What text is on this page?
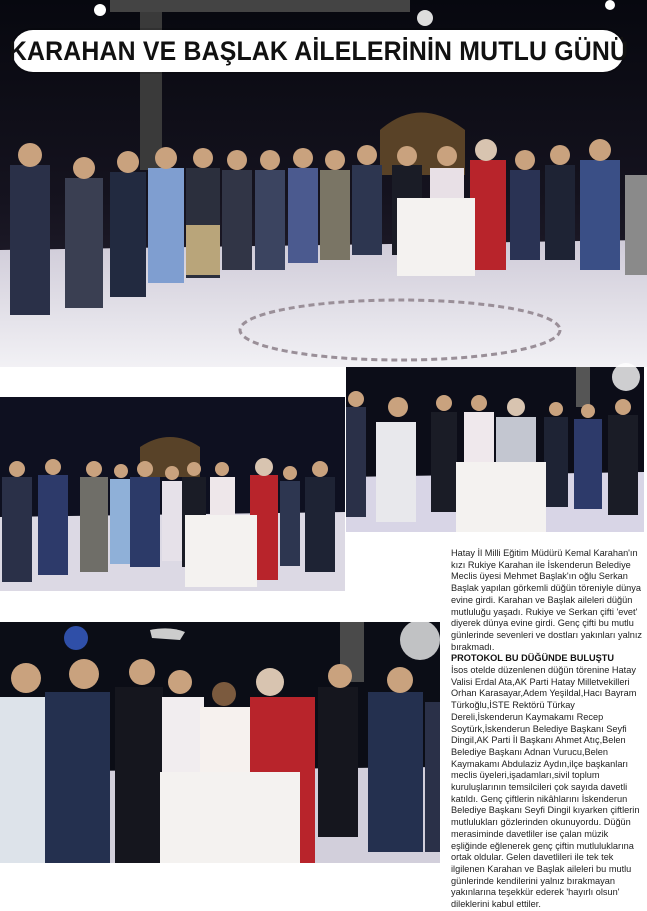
KARAHAN VE BAŞLAK AİLELERİNİN MUTLU GÜNÜ

Hatay İl Milli Eğitim Müdürü Kemal Karahan'ın kızı Rukiye Karahan ile İskenderun Belediye Meclis üyesi Mehmet Başlak'ın oğlu Serkan Başlak yapılan görkemli düğün töreniyle dünya evine girdi. Karahan ve Başlak aileleri düğün mutluluğu yaşadı. Rukiye ve Serkan çifti 'evet' diyerek dünya evine girdi. Genç çifti bu mutlu günlerinde sevenleri ve dostları yakınları yalnız bırakmadı.

PROTOKOL BU DÜĞÜNDE BULUŞTU

İsos otelde düzenlenen düğün törenine Hatay Valisi Erdal Ata,AK Parti Hatay Milletvekilleri Orhan Karasayar,Adem Yeşildal,Hacı Bayram Türkoğlu,İSTE Rektörü Türkay Dereli,İskenderun Kaymakamı Recep Soytürk,İskenderun Belediye Başkanı Seyfi Dingil,AK Parti İl Başkanı Ahmet Atıç,Belen Belediye Başkanı Adnan Vurucu,Belen Kaymakamı Abdulaziz Aydın,ilçe başkanları meclis üyeleri,işadamları,sivil toplum kuruluşlarının temsilcileri çok sayıda davetli katıldı. Genç çiftlerin nikâhlarını İskenderun Belediye Başkanı Seyfi Dingil kıyarken çiftlerin mutlulukları gözlerinden okunuyordu. Düğün merasiminde davetliler ise çalan müzik eşliğinde eğlenerek genç çiftin mutluluklarına ortak oldular. Gelen davetlileri ile tek tek ilgilenen Karahan ve Başlak aileleri bu mutlu günlerinde kendilerini yalnız bırakmayan yakınlarına teşekkür ederek 'hayırlı olsun' dileklerini kabul ettiler.
